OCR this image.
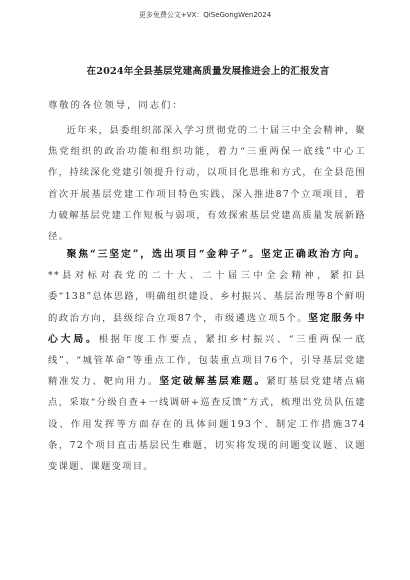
更多免费公文+VX：QiSeGongWen2024
在2024年全县基层党建高质量发展推进会上的汇报发言
尊敬的各位领导，同志们：

近年来，县委组织部深入学习贯彻党的二十届三中全会精神，聚焦党组织的政治功能和组织功能，着力“三重两保一底线”中心工作，持续深化党建引领提升行动，以项目化思维和方式，在全县范围首次开展基层党建工作项目特色实践，深入推进87个立项项目，着力破解基层党建工作短板与弱项，有效探索基层党建高质量发展新路径。

聚焦“三坚定”，选出项目“金种子”。坚定正确政治方向。**县对标对表党的二十大、二十届三中全会精神，紧扣县委“138”总体思路，明确组织建设、乡村振兴、基层治理等8个鲜明的政治方向，县级综合立项87个，市级遴选立项5个。坚定服务中心大局。根据年度工作要点，紧扣乡村振兴、“三重两保一底线”、“城管革命”等重点工作，包装重点项目76个，引导基层党建精准发力、靶向用力。坚定破解基层难题。紧盯基层党建堵点痛点，采取“分级自查+一线调研+巡查反馈”方式，梳理出党员队伍建设、作用发挥等方面存在的具体问题193个、制定工作措施374条，72个项目直击基层民生难题，切实将发现的问题变议题、议题变课题、课题变项目。
